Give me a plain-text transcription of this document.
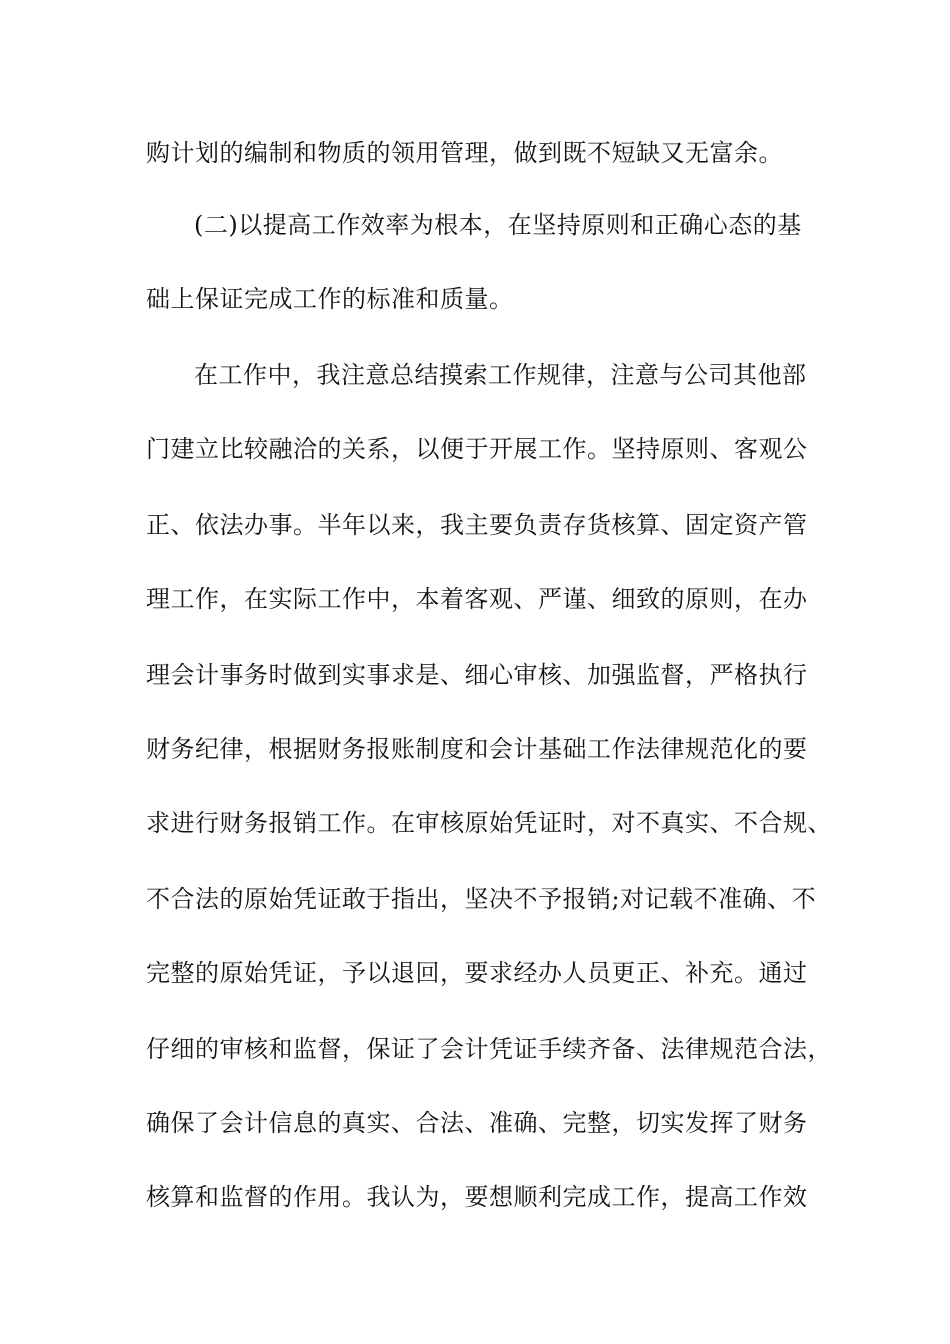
购计划的编制和物质的领用管理，做到既不短缺又无富余。
(二)以提高工作效率为根本，在坚持原则和正确心态的基
础上保证完成工作的标准和质量。
在工作中，我注意总结摸索工作规律，注意与公司其他部
门建立比较融洽的关系，以便于开展工作。坚持原则、客观公
正、依法办事。半年以来，我主要负责存货核算、固定资产管
理工作，在实际工作中，本着客观、严谨、细致的原则，在办
理会计事务时做到实事求是、细心审核、加强监督，严格执行
财务纪律，根据财务报账制度和会计基础工作法律规范化的要
求进行财务报销工作。在审核原始凭证时，对不真实、不合规、
不合法的原始凭证敢于指出，坚决不予报销;对记载不准确、不
完整的原始凭证，予以退回，要求经办人员更正、补充。通过
仔细的审核和监督，保证了会计凭证手续齐备、法律规范合法，
确保了会计信息的真实、合法、准确、完整，切实发挥了财务
核算和监督的作用。我认为，要想顺利完成工作，提高工作效
